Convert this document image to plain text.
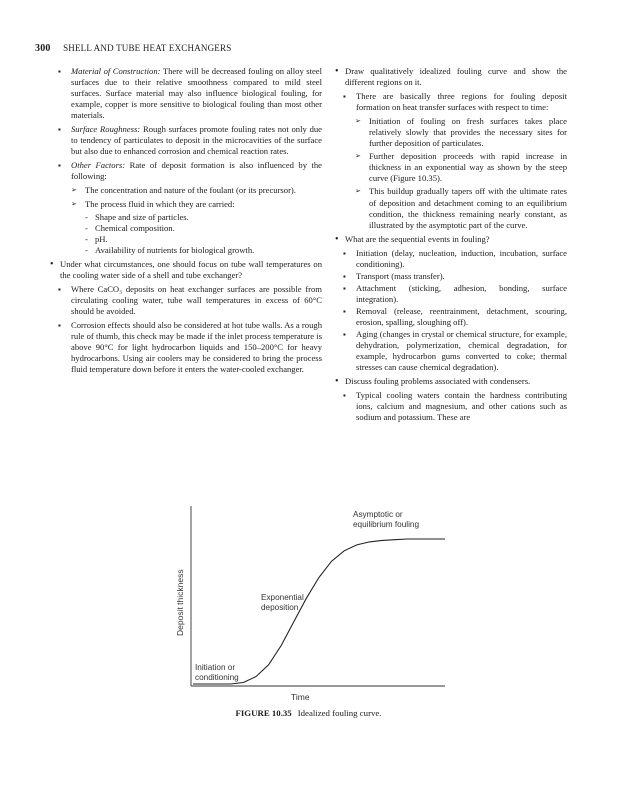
300 SHELL AND TUBE HEAT EXCHANGERS

▪ Material of Construction: There will be decreased fouling on alloy steel surfaces due to their relative smoothness compared to mild steel surfaces. Surface material may also influence biological fouling, for example, copper is more sensitive to biological fouling than most other materials.

▪ Surface Roughness: Rough surfaces promote fouling rates not only due to tendency of particulates to deposit in the microcavities of the surface but also due to enhanced corrosion and chemical reaction rates.

▪ Other Factors: Rate of deposit formation is also influenced by the following:

➢ The concentration and nature of the foulant (or its precursor).

➢ The process fluid in which they are carried:

- Shape and size of particles.

- Chemical composition.

- pH.

- Availability of nutrients for biological growth.

• Under what circumstances, one should focus on tube wall temperatures on the cooling water side of a shell and tube exchanger?

▪ Where CaCO₃ deposits on heat exchanger surfaces are possible from circulating cooling water, tube wall temperatures in excess of 60°C should be avoided.

▪ Corrosion effects should also be considered at hot tube walls. As a rough rule of thumb, this check may be made if the inlet process temperature is above 90°C for light hydrocarbon liquids and 150–200°C for heavy hydrocarbons. Using air coolers may be considered to bring the process fluid temperature down before it enters the water-cooled exchanger.

• Draw qualitatively idealized fouling curve and show the different regions on it.

▪ There are basically three regions for fouling deposit formation on heat transfer surfaces with respect to time:

➢ Initiation of fouling on fresh surfaces takes place relatively slowly that provides the necessary sites for further deposition of particulates.

➢ Further deposition proceeds with rapid increase in thickness in an exponential way as shown by the steep curve (Figure 10.35).

➢ This buildup gradually tapers off with the ultimate rates of deposition and detachment coming to an equilibrium condition, the thickness remaining nearly constant, as illustrated by the asymptotic part of the curve.

• What are the sequential events in fouling?

▪ Initiation (delay, nucleation, induction, incubation, surface conditioning).

▪ Transport (mass transfer).

▪ Attachment (sticking, adhesion, bonding, surface integration).

▪ Removal (release, reentrainment, detachment, scouring, erosion, spalling, sloughing off).

▪ Aging (changes in crystal or chemical structure, for example, dehydration, polymerization, chemical degradation, for example, hydrocarbon gums converted to coke; thermal stresses can cause chemical degradation).

• Discuss fouling problems associated with condensers.

▪ Typical cooling waters contain the hardness contributing ions, calcium and magnesium, and other cations such as sodium and potassium. These are

Deposit thickness
Time
Initiation or
conditioning
Exponential
deposition
Asymptotic or
equilibrium fouling
FIGURE 10.35 Idealized fouling curve.
